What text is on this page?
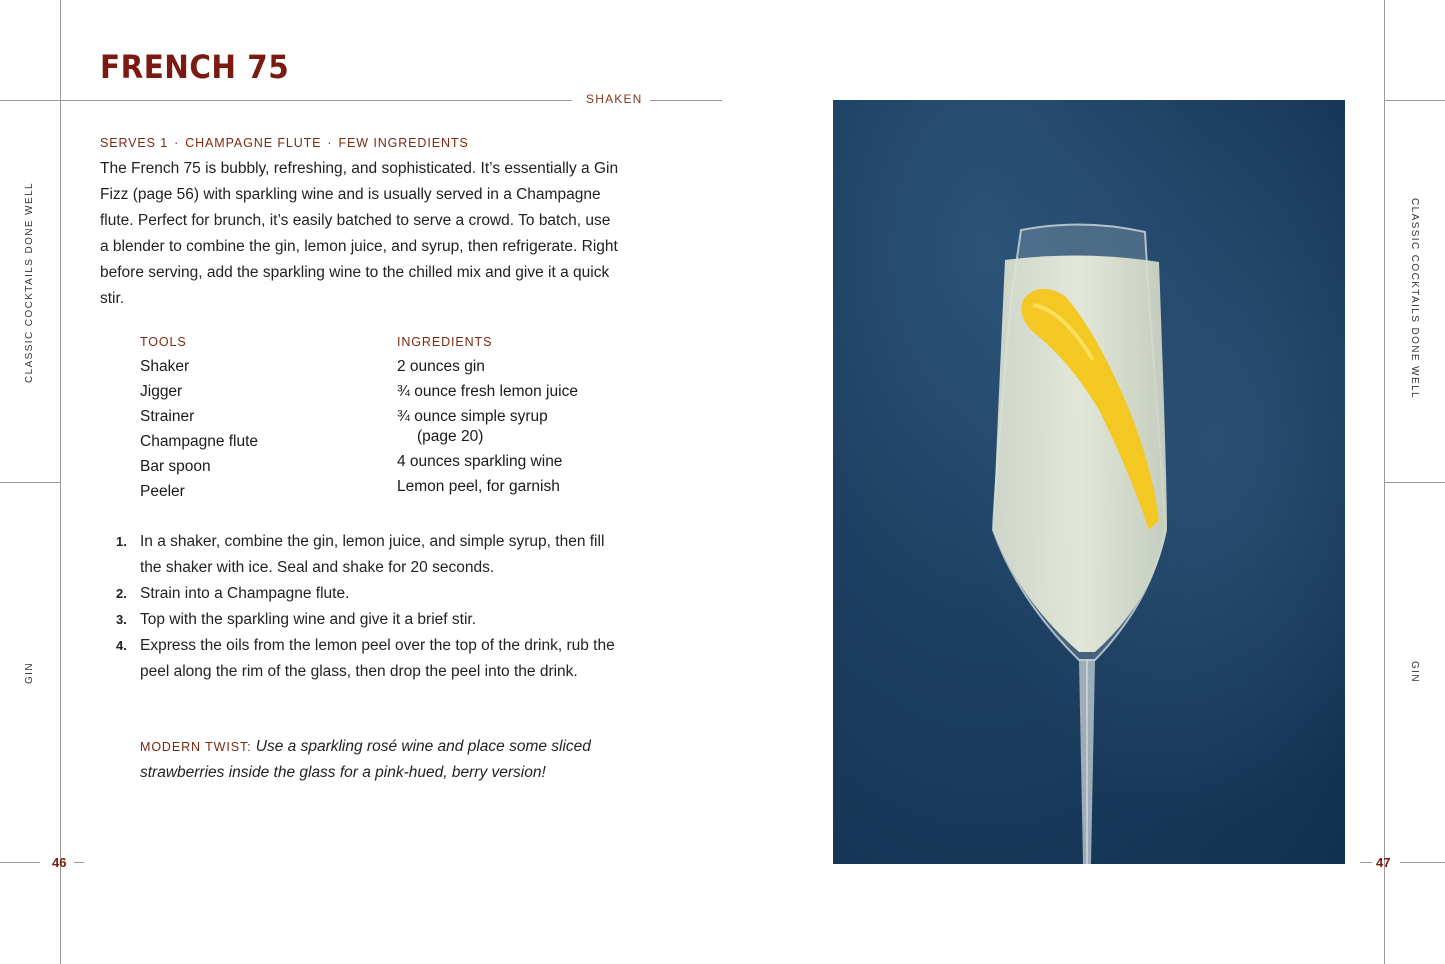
CLASSIC COCKTAILS DONE WELL
GIN
CLASSIC COCKTAILS DONE WELL
GIN
46	47
FRENCH 75
SHAKEN
SERVES 1 · CHAMPAGNE FLUTE · FEW INGREDIENTS

The French 75 is bubbly, refreshing, and sophisticated. It’s essentially a Gin Fizz (page 56) with sparkling wine and is usually served in a Champagne flute. Perfect for brunch, it’s easily batched to serve a crowd. To batch, use a blender to combine the gin, lemon juice, and syrup, then refrigerate. Right before serving, add the sparkling wine to the chilled mix and give it a quick stir.

TOOLS
Shaker
Jigger
Strainer
Champagne flute
Bar spoon
Peeler
INGREDIENTS
2 ounces gin
¾ ounce fresh lemon juice
¾ ounce simple syrup
(page 20)
4 ounces sparkling wine
Lemon peel, for garnish
1. In a shaker, combine the gin, lemon juice, and simple syrup, then fill the shaker with ice. Seal and shake for 20 seconds.
2. Strain into a Champagne flute.
3. Top with the sparkling wine and give it a brief stir.
4. Express the oils from the lemon peel over the top of the drink, rub the peel along the rim of the glass, then drop the peel into the drink.

MODERN TWIST: Use a sparkling rosé wine and place some sliced strawberries inside the glass for a pink-hued, berry version!
